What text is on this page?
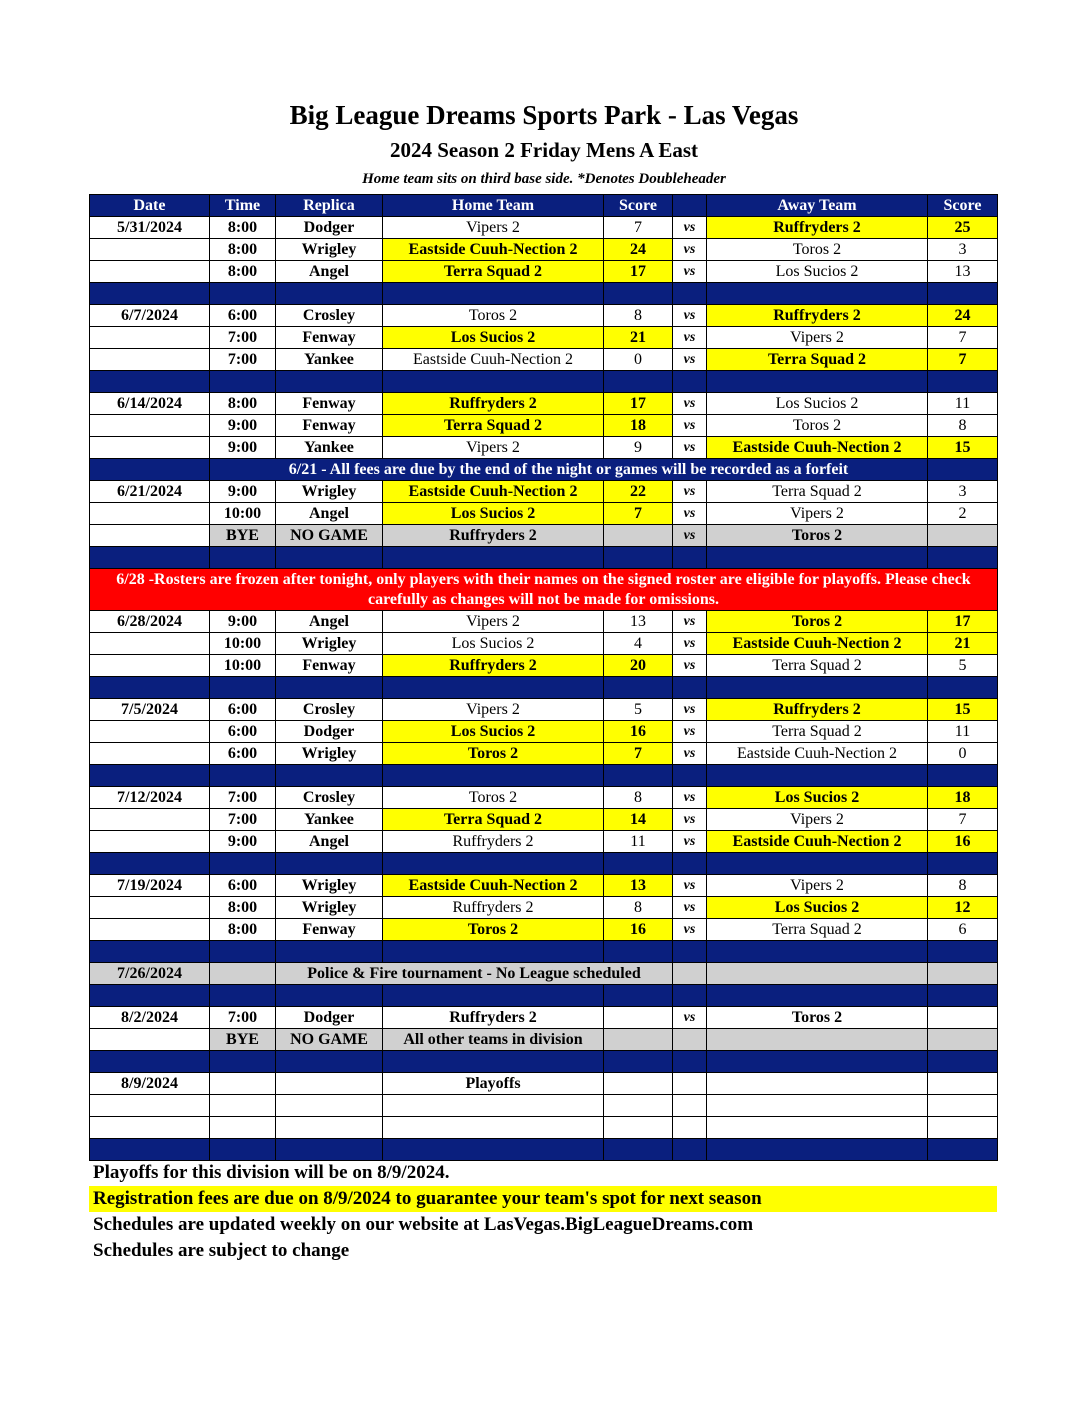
Big League Dreams Sports Park - Las Vegas
2024 Season 2 Friday Mens A East
Home team sits on third base side. *Denotes Doubleheader
Date	Time	Replica	Home Team	Score		Away Team	Score
5/31/2024	8:00	Dodger	Vipers 2	7	vs	Ruffryders 2	25
	8:00	Wrigley	Eastside Cuuh-Nection 2	24	vs	Toros 2	3
	8:00	Angel	Terra Squad 2	17	vs	Los Sucios 2	13

6/7/2024	6:00	Crosley	Toros 2	8	vs	Ruffryders 2	24
	7:00	Fenway	Los Sucios 2	21	vs	Vipers 2	7
	7:00	Yankee	Eastside Cuuh-Nection 2	0	vs	Terra Squad 2	7

6/14/2024	8:00	Fenway	Ruffryders 2	17	vs	Los Sucios 2	11
	9:00	Fenway	Terra Squad 2	18	vs	Toros 2	8
	9:00	Yankee	Vipers 2	9	vs	Eastside Cuuh-Nection 2	15
	6/21 - All fees are due by the end of the night or games will be recorded as a forfeit						
6/21/2024	9:00	Wrigley	Eastside Cuuh-Nection 2	22	vs	Terra Squad 2	3
	10:00	Angel	Los Sucios 2	7	vs	Vipers 2	2
	BYE	NO GAME	Ruffryders 2		vs	Toros 2	

6/28 -Rosters are frozen after tonight, only players with their names on the signed roster are eligible for playoffs. Please check carefully as changes will not be made for omissions.							
6/28/2024	9:00	Angel	Vipers 2	13	vs	Toros 2	17
	10:00	Wrigley	Los Sucios 2	4	vs	Eastside Cuuh-Nection 2	21
	10:00	Fenway	Ruffryders 2	20	vs	Terra Squad 2	5

7/5/2024	6:00	Crosley	Vipers 2	5	vs	Ruffryders 2	15
	6:00	Dodger	Los Sucios 2	16	vs	Terra Squad 2	11
	6:00	Wrigley	Toros 2	7	vs	Eastside Cuuh-Nection 2	0

7/12/2024	7:00	Crosley	Toros 2	8	vs	Los Sucios 2	18
	7:00	Yankee	Terra Squad 2	14	vs	Vipers 2	7
	9:00	Angel	Ruffryders 2	11	vs	Eastside Cuuh-Nection 2	16

7/19/2024	6:00	Wrigley	Eastside Cuuh-Nection 2	13	vs	Vipers 2	8
	8:00	Wrigley	Ruffryders 2	8	vs	Los Sucios 2	12
	8:00	Fenway	Toros 2	16	vs	Terra Squad 2	6

7/26/2024		Police & Fire tournament - No League scheduled					

8/2/2024	7:00	Dodger	Ruffryders 2		vs	Toros 2	
	BYE	NO GAME	All other teams in division				

8/9/2024			Playoffs				

Playoffs for this division will be on 8/9/2024.
Registration fees are due on 8/9/2024 to guarantee your team's spot for next season
Schedules are updated weekly on our website at LasVegas.BigLeagueDreams.com
Schedules are subject to change
